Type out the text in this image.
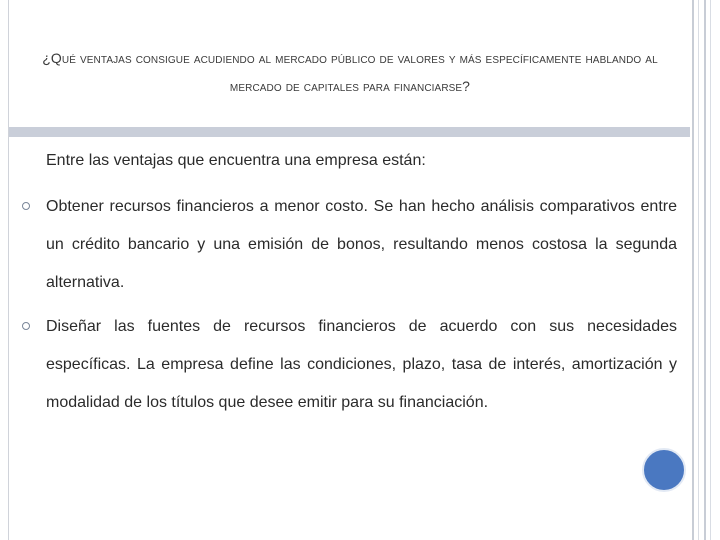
¿Qué ventajas consigue acudiendo al mercado público de valores y más específicamente hablando al mercado de capitales para financiarse?
Entre las ventajas que encuentra una empresa están:
Obtener recursos financieros a menor costo. Se han hecho análisis comparativos entre un crédito bancario y una emisión de bonos, resultando menos costosa la segunda alternativa.
Diseñar las fuentes de recursos financieros de acuerdo con sus necesidades específicas. La empresa define las condiciones, plazo, tasa de interés, amortización y modalidad de los títulos que desee emitir para su financiación.
